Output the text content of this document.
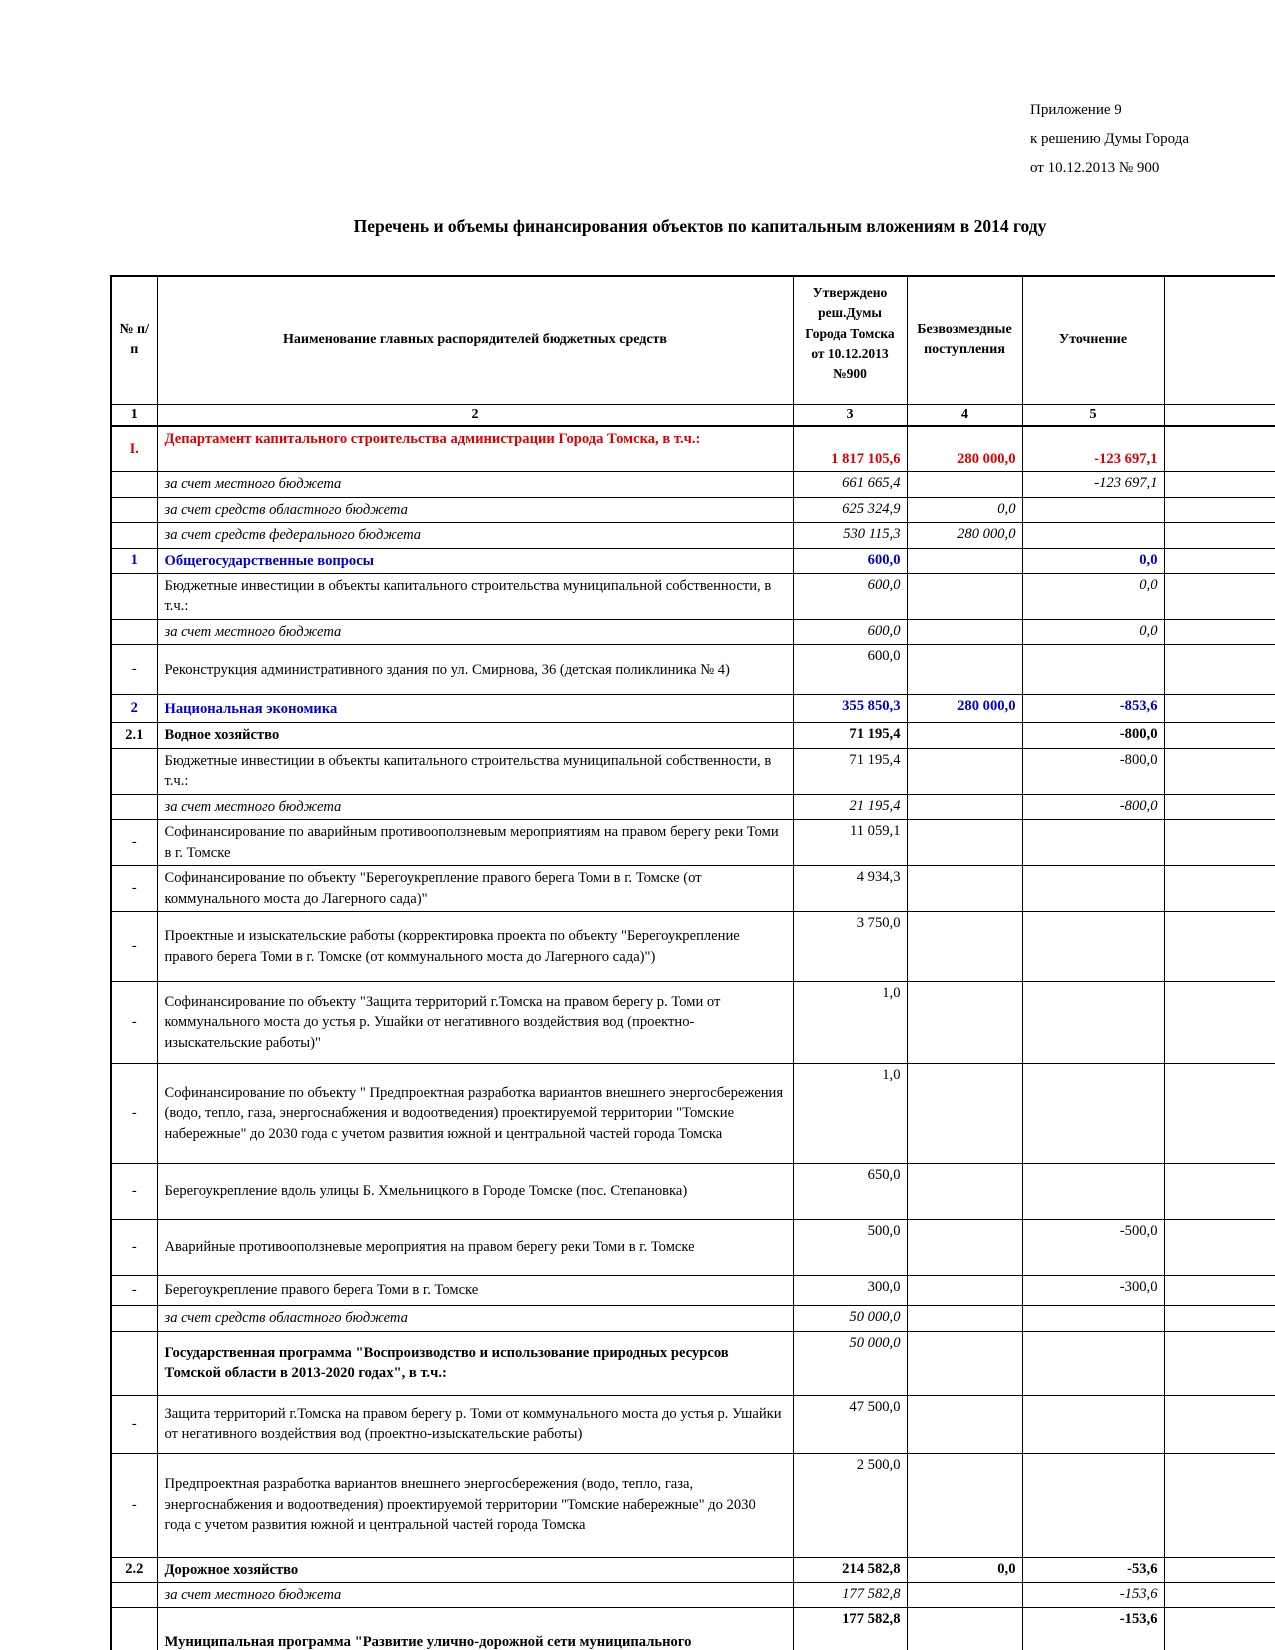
Приложение 9
к решению Думы Города
от 10.12.2013 № 900
Перечень и объемы финансирования объектов по капитальным вложениям в 2014 году
№ п/п	Наименование главных распорядителей бюджетных средств	Утверждено реш.Думы Города Томска от 10.12.2013 №900	Безвозмездные поступления	Уточнение	
1	2	3	4	5	
I.	Департамент капитального строительства администрации Города Томска, в т.ч.:	1 817 105,6	280 000,0	-123 697,1	
	за счет местного бюджета	661 665,4		-123 697,1	
	за счет средств областного бюджета	625 324,9	0,0		
	за счет средств федерального бюджета	530 115,3	280 000,0		
1	Общегосударственные вопросы	600,0		0,0	
	Бюджетные инвестиции в объекты капитального строительства муниципальной собственности, в т.ч.:	600,0		0,0	
	за счет местного бюджета	600,0		0,0	
-	Реконструкция административного здания по ул. Смирнова, 36 (детская поликлиника № 4)	600,0			
2	Национальная экономика	355 850,3	280 000,0	-853,6	
2.1	Водное хозяйство	71 195,4		-800,0	
	Бюджетные инвестиции в объекты капитального строительства муниципальной собственности, в т.ч.:	71 195,4		-800,0	
	за счет местного бюджета	21 195,4		-800,0	
-	Софинансирование по аварийным противооползневым мероприятиям на правом берегу реки Томи в г. Томске	11 059,1			
-	Софинансирование по объекту "Берегоукрепление правого берега Томи в г. Томске (от коммунального моста до Лагерного сада)"	4 934,3			
-	Проектные и изыскательские работы (корректировка проекта по объекту "Берегоукрепление правого берега Томи в г. Томске (от коммунального моста до Лагерного сада)")	3 750,0			
-	Софинансирование по объекту "Защита территорий г.Томска на правом берегу р. Томи от коммунального моста до устья р. Ушайки от негативного воздействия вод (проектно-изыскательские работы)"	1,0			
-	Софинансирование по объекту " Предпроектная разработка вариантов внешнего энергосбережения (водо, тепло, газа, энергоснабжения и водоотведения) проектируемой территории "Томские набережные" до 2030 года с учетом развития южной и центральной частей города Томска	1,0			
-	Берегоукрепление вдоль улицы Б. Хмельницкого в Городе Томске (пос. Степановка)	650,0			
-	Аварийные противооползневые мероприятия на правом берегу реки Томи в г. Томске	500,0		-500,0	
-	Берегоукрепление правого берега Томи в г. Томске	300,0		-300,0	
	за счет средств областного бюджета	50 000,0			
	Государственная программа "Воспроизводство и использование природных ресурсов Томской области в 2013-2020 годах", в т.ч.:	50 000,0			
-	Защита территорий г.Томска на правом берегу р. Томи от коммунального моста до устья р. Ушайки от негативного воздействия вод (проектно-изыскательские работы)	47 500,0			
-	Предпроектная разработка вариантов внешнего энергосбережения (водо, тепло, газа, энергоснабжения и водоотведения) проектируемой территории "Томские набережные" до 2030 года с учетом развития южной и центральной частей города Томска	2 500,0			
2.2	Дорожное хозяйство	214 582,8	0,0	-53,6	
	за счет местного бюджета	177 582,8		-153,6	
	Муниципальная программа "Развитие улично-дорожной сети муниципального	177 582,8		-153,6	
